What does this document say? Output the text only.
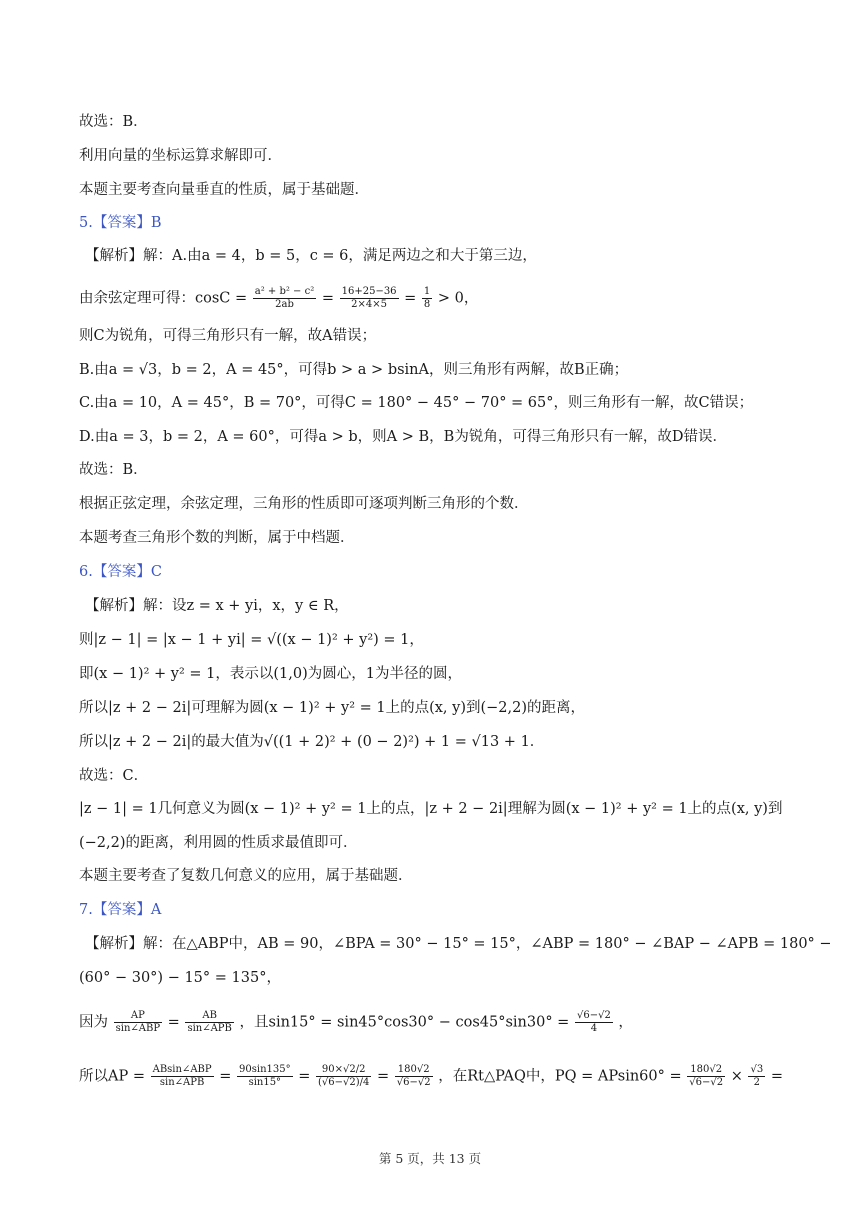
故选：B．
利用向量的坐标运算求解即可．
本题主要考查向量垂直的性质，属于基础题．
5.【答案】B
【解析】解：A.由a = 4，b = 5，c = 6，满足两边之和大于第三边，
由余弦定理可得：$\cos C = \frac{\text{a² + b² − c²}}{2ab} = \frac{16+25-36}{2\times 4\times 5} = \frac{1}{8} > 0$，
则C为锐角，可得三角形只有一解，故A错误；
B.由a = √3，b = 2，A = 45°，可得b > a > bsinA，则三角形有两解，故B正确；
C.由a = 10，A = 45°，B = 70°，可得C = 180° − 45° − 70° = 65°，则三角形有一解，故C错误；
D.由a = 3，b = 2，A = 60°，可得a > b，则A > B，B为锐角，可得三角形只有一解，故D错误．
故选：B．
根据正弦定理，余弦定理，三角形的性质即可逐项判断三角形的个数．
本题考查三角形个数的判断，属于中档题．
6.【答案】C
【解析】解：设z = x + yi，x，y ∈ R，
则|z − 1| = |x − 1 + yi| = √((x − 1)² + y²) = 1，
即(x − 1)² + y² = 1，表示以(1,0)为圆心，1为半径的圆，
所以|z + 2 − 2i|可理解为圆(x − 1)² + y² = 1上的点(x, y)到(−2,2)的距离，
所以|z + 2 − 2i|的最大值为√((1 + 2)² + (0 − 2)²) + 1 = √13 + 1．
故选：C．
|z − 1| = 1几何意义为圆(x − 1)² + y² = 1上的点，|z + 2 − 2i|理解为圆(x − 1)² + y² = 1上的点(x, y)到
(−2,2)的距离，利用圆的性质求最值即可．
本题主要考查了复数几何意义的应用，属于基础题．
7.【答案】A
【解析】解：在△ABP中，AB = 90，∠BPA = 30° − 15° = 15°，∠ABP = 180° − ∠BAP − ∠APB = 180° −
(60° − 30°) − 15° = 135°，
因为 $\frac{AP}{\text{sin∠ABP}} = \frac{AB}{\text{sin∠APB}}$ ，且$\sin 15^\circ = \sin 45^\circ\cos 30^\circ - \cos 45^\circ\sin 30^\circ = \frac{√6-√2}{4}$ ，
所以AP = $\frac{\text{ABsin∠ABP}}{\text{sin∠APB}} = \frac{90\sin 135^\circ}{\sin 15^\circ} = \frac{90\times√2/2}{(√6-√2)/4} = \frac{180√2}{√6-√2}$ ，在Rt△PAQ中，PQ = $APsin60^\circ = \frac{180√2}{√6-√2} \times \frac{√3}{2}$ =
第 5 页，共 13 页
